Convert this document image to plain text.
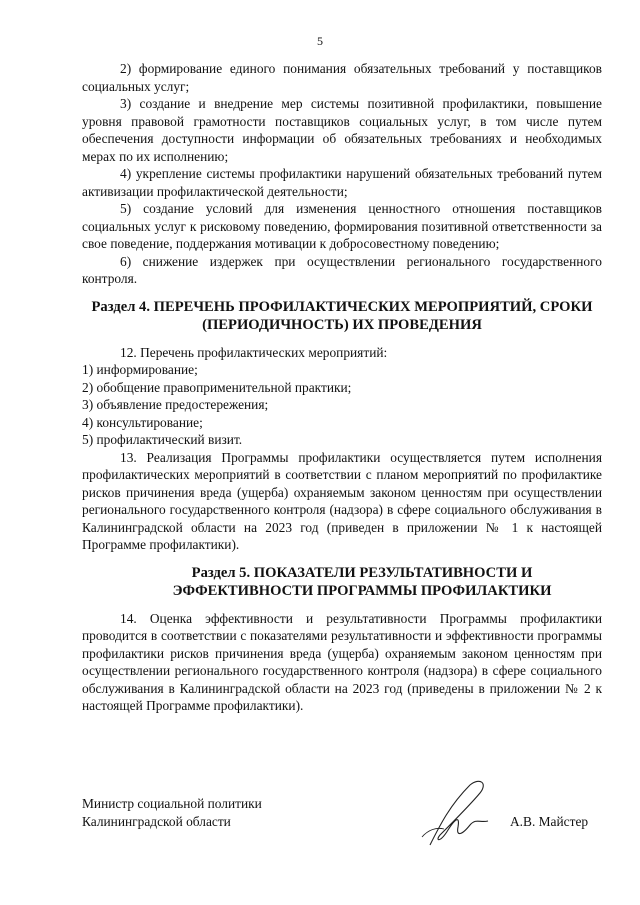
5

2) формирование единого понимания обязательных требований у поставщиков социальных услуг;

3) создание и внедрение мер системы позитивной профилактики, повышение уровня правовой грамотности поставщиков социальных услуг, в том числе путем обеспечения доступности информации об обязательных требованиях и необходимых мерах по их исполнению;

4) укрепление системы профилактики нарушений обязательных требований путем активизации профилактической деятельности;

5) создание условий для изменения ценностного отношения поставщиков социальных услуг к рисковому поведению, формирования позитивной ответственности за свое поведение, поддержания мотивации к добросовестному поведению;

6) снижение издержек при осуществлении регионального государственного контроля.

Раздел 4. ПЕРЕЧЕНЬ ПРОФИЛАКТИЧЕСКИХ МЕРОПРИЯТИЙ, СРОКИ
(ПЕРИОДИЧНОСТЬ) ИХ ПРОВЕДЕНИЯ

12. Перечень профилактических мероприятий:

1) информирование;

2) обобщение правоприменительной практики;

3) объявление предостережения;

4) консультирование;

5) профилактический визит.

13. Реализация Программы профилактики осуществляется путем исполнения профилактических мероприятий в соответствии с планом мероприятий по профилактике рисков причинения вреда (ущерба) охраняемым законом ценностям при осуществлении регионального государственного контроля (надзора) в сфере социального обслуживания в Калининградской области на 2023 год (приведен в приложении № 1 к настоящей Программе профилактики).

Раздел 5. ПОКАЗАТЕЛИ РЕЗУЛЬТАТИВНОСТИ И
ЭФФЕКТИВНОСТИ ПРОГРАММЫ ПРОФИЛАКТИКИ

14. Оценка эффективности и результативности Программы профилактики проводится в соответствии с показателями результативности и эффективности программы профилактики рисков причинения вреда (ущерба) охраняемым законом ценностям при осуществлении регионального государственного контроля (надзора) в сфере социального обслуживания в Калининградской области на 2023 год (приведены в приложении № 2 к настоящей Программе профилактики).

Министр социальной политики
Калининградской области	А.В. Майстер
